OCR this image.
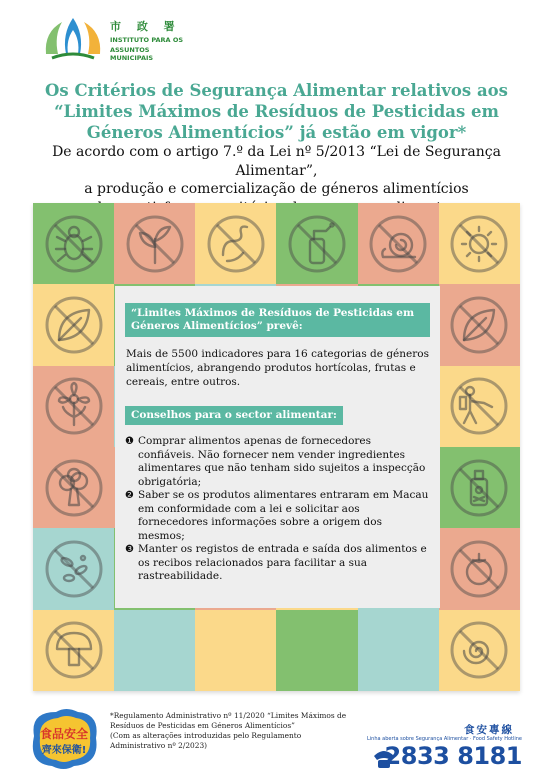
市 政 署
INSTITUTO PARA OS
ASSUNTOS MUNICIPAIS
Os Critérios de Segurança Alimentar relativos aos
“Limites Máximos de Resíduos de Pesticidas em
Géneros Alimentícios” já estão em vigor*
De acordo com o artigo 7.º da Lei nº 5/2013 “Lei de Segurança Alimentar”,
a produção e comercialização de géneros alimentícios
“Limites Máximos de Resíduos de Pesticidas em Géneros Alimentícios” prevê:

Mais de 5500 indicadores para 16 categorias de géneros alimentícios, abrangendo produtos hortícolas, frutas e cereais, entre outros.

Conselhos para o sector alimentar:
❶ Comprar alimentos apenas de fornecedores confiáveis. Não fornecer nem vender ingredientes alimentares que não tenham sido sujeitos a inspecção obrigatória;
❷ Saber se os produtos alimentares entraram em Macau em conformidade com a lei e solicitar aos fornecedores informações sobre a origem dos mesmos;
❸ Manter os registos de entrada e saída dos alimentos e os recibos relacionados para facilitar a sua rastreabilidade.
食品安全
齊來保衛!
*Regulamento Administrativo nº 11/2020 “Limites Máximos de
Resíduos de Pesticidas em Géneros Alimentícios”
(Com as alterações introduzidas pelo Regulamento
Administrativo nº 2/2023)
食安專線
Linha aberta sobre Segurança Alimentar · Food Safety Hotline
2833 8181
